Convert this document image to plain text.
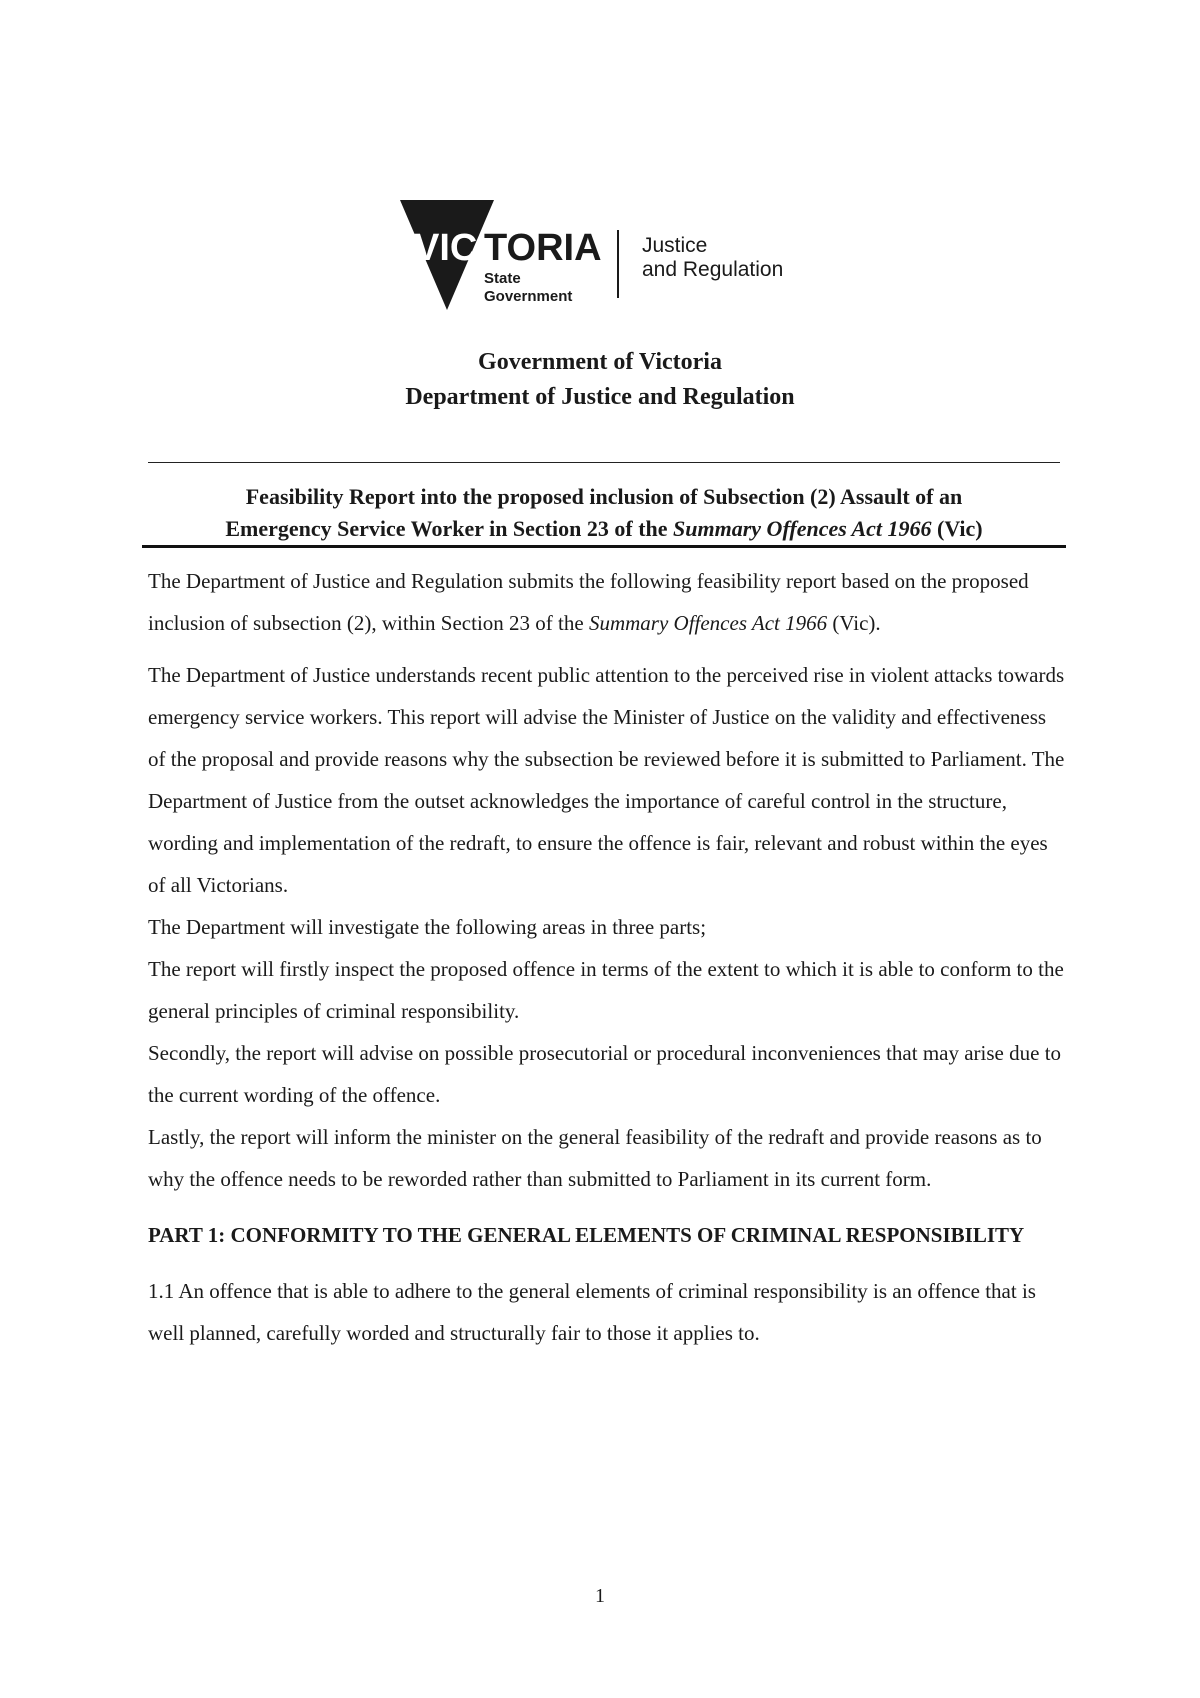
VIC TORIA
State
Government
Justice
and Regulation
Government of Victoria
Department of Justice and Regulation
Feasibility Report into the proposed inclusion of Subsection (2) Assault of an
Emergency Service Worker in Section 23 of the Summary Offences Act 1966 (Vic)

The Department of Justice and Regulation submits the following feasibility report based on the proposed inclusion of subsection (2), within Section 23 of the Summary Offences Act 1966 (Vic).

The Department of Justice understands recent public attention to the perceived rise in violent attacks towards emergency service workers. This report will advise the Minister of Justice on the validity and effectiveness of the proposal and provide reasons why the subsection be reviewed before it is submitted to Parliament. The Department of Justice from the outset acknowledges the importance of careful control in the structure, wording and implementation of the redraft, to ensure the offence is fair, relevant and robust within the eyes of all Victorians.

The Department will investigate the following areas in three parts;

The report will firstly inspect the proposed offence in terms of the extent to which it is able to conform to the general principles of criminal responsibility.

Secondly, the report will advise on possible prosecutorial or procedural inconveniences that may arise due to the current wording of the offence.

Lastly, the report will inform the minister on the general feasibility of the redraft and provide reasons as to why the offence needs to be reworded rather than submitted to Parliament in its current form.

PART 1: CONFORMITY TO THE GENERAL ELEMENTS OF CRIMINAL RESPONSIBILITY

1.1 An offence that is able to adhere to the general elements of criminal responsibility is an offence that is well planned, carefully worded and structurally fair to those it applies to.

1
